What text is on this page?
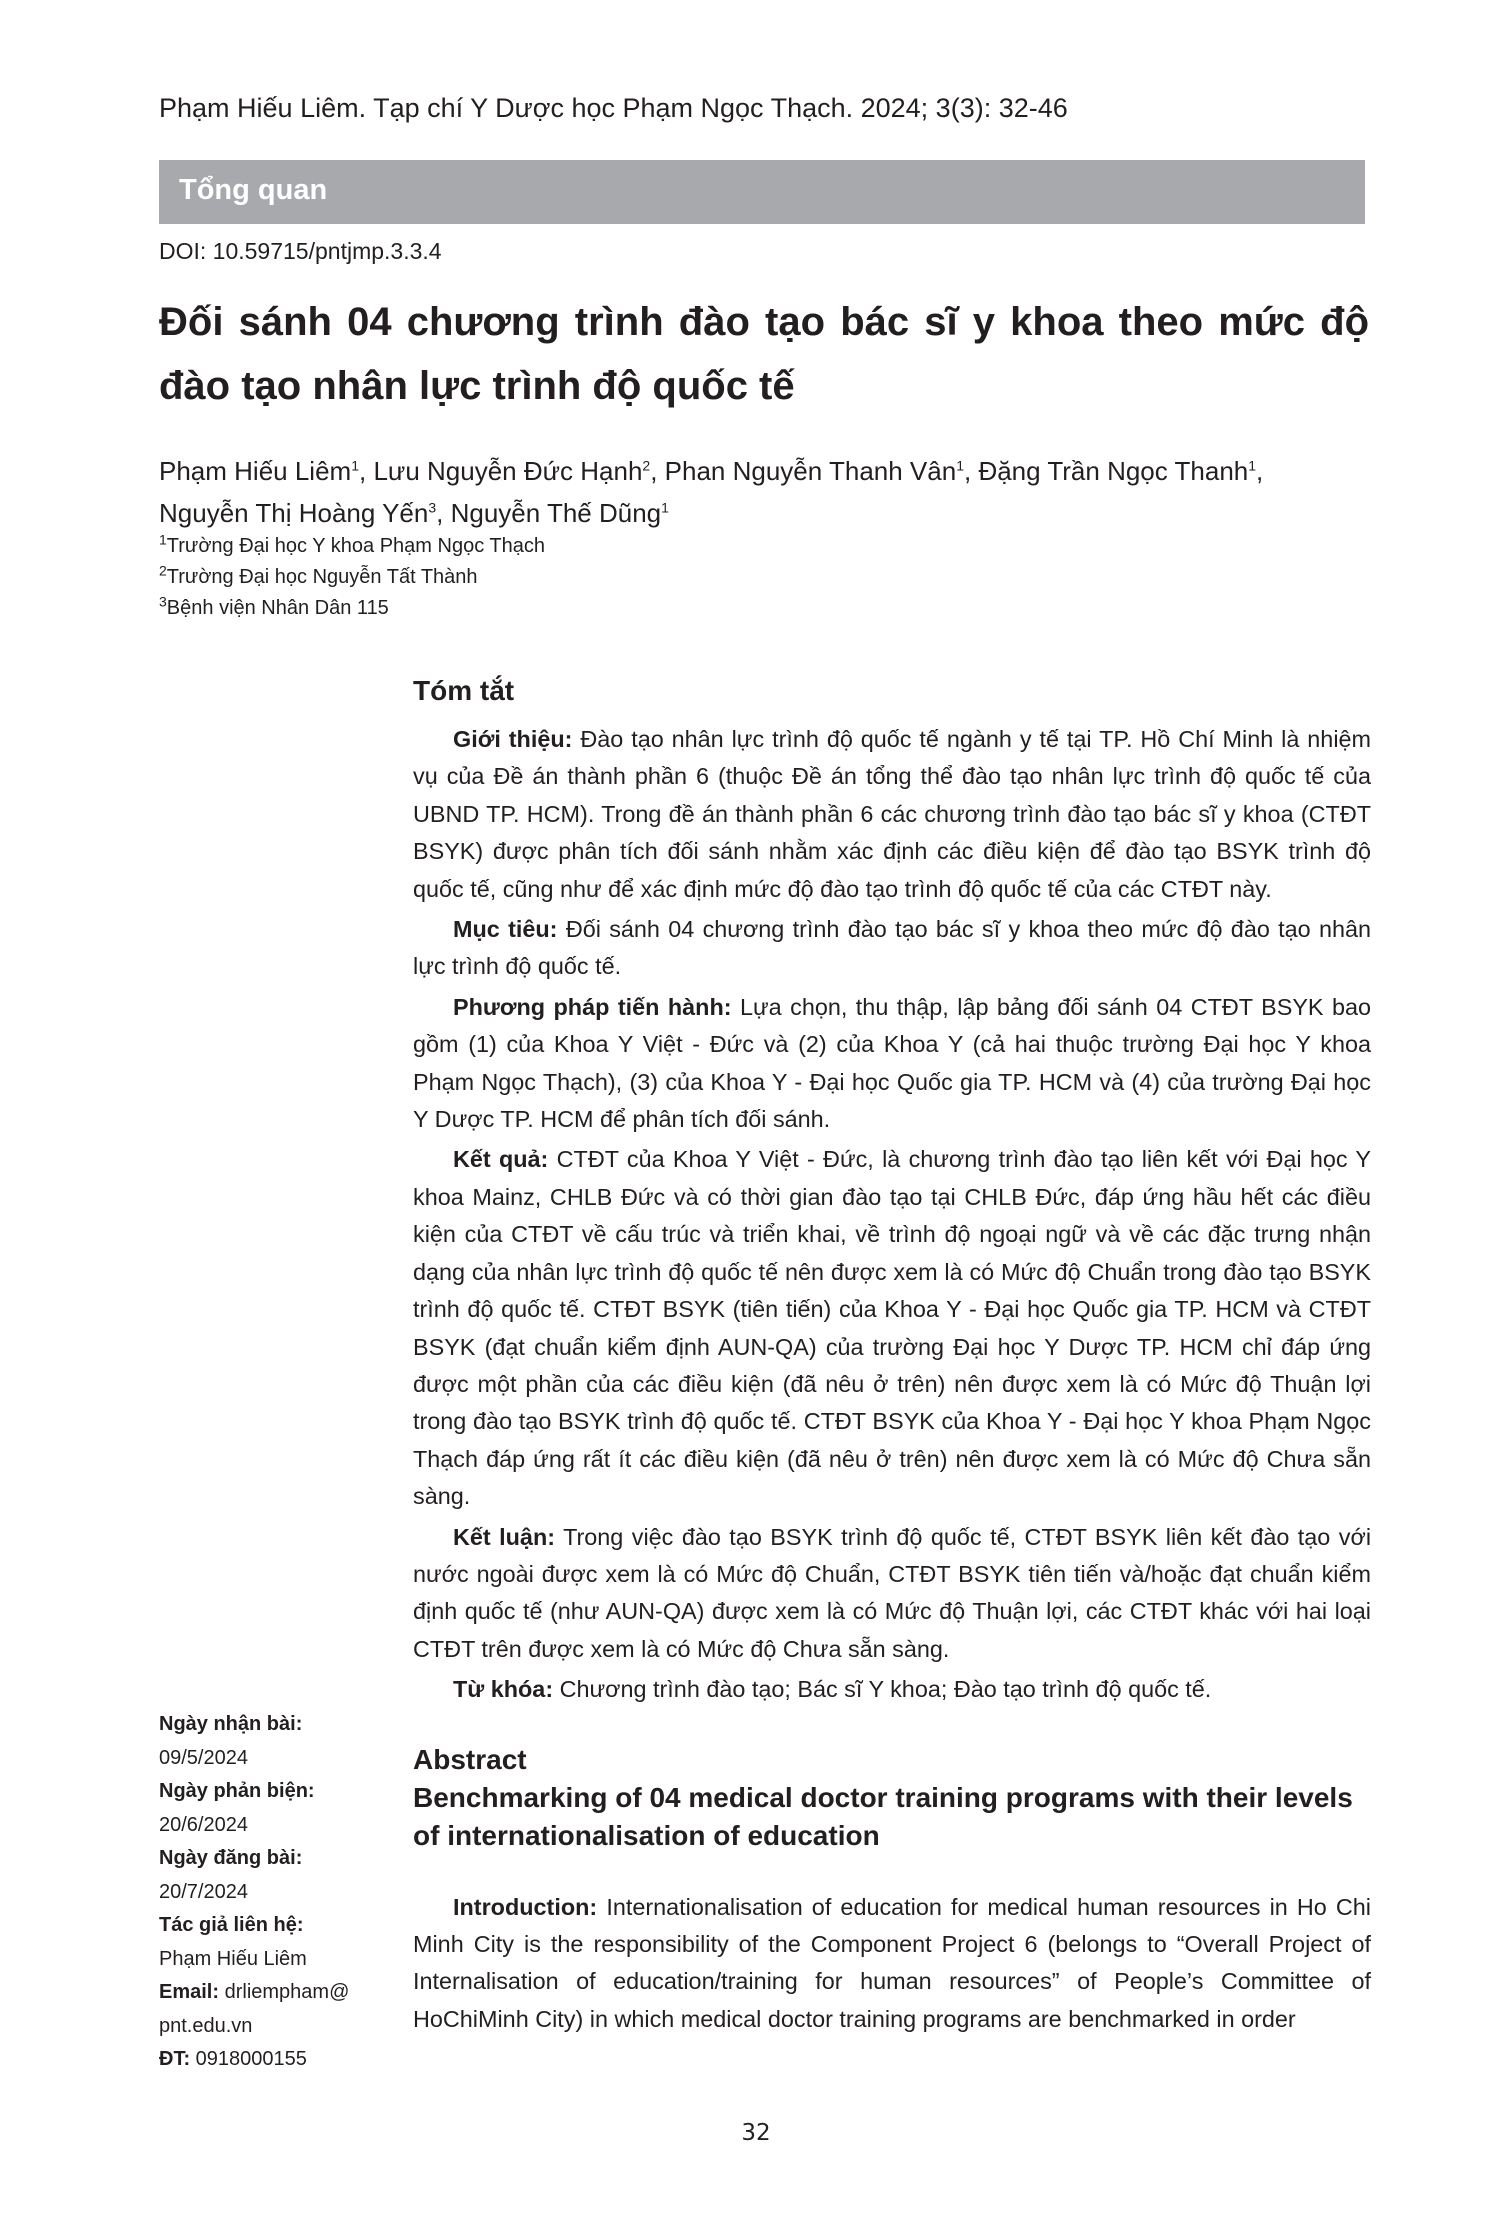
Phạm Hiếu Liêm. Tạp chí Y Dược học Phạm Ngọc Thạch. 2024; 3(3): 32-46
Tổng quan
DOI: 10.59715/pntjmp.3.3.4
Đối sánh 04 chương trình đào tạo bác sĩ y khoa theo mức độ đào tạo nhân lực trình độ quốc tế
Phạm Hiếu Liêm$^1$, Lưu Nguyễn Đức Hạnh$^2$, Phan Nguyễn Thanh Vân$^1$, Đặng Trần Ngọc Thanh$^1$,
Nguyễn Thị Hoàng Yến$^3$, Nguyễn Thế Dũng$^1$
$^1$Trường Đại học Y khoa Phạm Ngọc Thạch
$^2$Trường Đại học Nguyễn Tất Thành
$^3$Bệnh viện Nhân Dân 115
Tóm tắt

Giới thiệu: Đào tạo nhân lực trình độ quốc tế ngành y tế tại TP. Hồ Chí Minh là nhiệm vụ của Đề án thành phần 6 (thuộc Đề án tổng thể đào tạo nhân lực trình độ quốc tế của UBND TP. HCM). Trong đề án thành phần 6 các chương trình đào tạo bác sĩ y khoa (CTĐT BSYK) được phân tích đối sánh nhằm xác định các điều kiện để đào tạo BSYK trình độ quốc tế, cũng như để xác định mức độ đào tạo trình độ quốc tế của các CTĐT này.

Mục tiêu: Đối sánh 04 chương trình đào tạo bác sĩ y khoa theo mức độ đào tạo nhân lực trình độ quốc tế.

Phương pháp tiến hành: Lựa chọn, thu thập, lập bảng đối sánh 04 CTĐT BSYK bao gồm (1) của Khoa Y Việt - Đức và (2) của Khoa Y (cả hai thuộc trường Đại học Y khoa Phạm Ngọc Thạch), (3) của Khoa Y - Đại học Quốc gia TP. HCM và (4) của trường Đại học Y Dược TP. HCM để phân tích đối sánh.

Kết quả: CTĐT của Khoa Y Việt - Đức, là chương trình đào tạo liên kết với Đại học Y khoa Mainz, CHLB Đức và có thời gian đào tạo tại CHLB Đức, đáp ứng hầu hết các điều kiện của CTĐT về cấu trúc và triển khai, về trình độ ngoại ngữ và về các đặc trưng nhận dạng của nhân lực trình độ quốc tế nên được xem là có Mức độ Chuẩn trong đào tạo BSYK trình độ quốc tế. CTĐT BSYK (tiên tiến) của Khoa Y - Đại học Quốc gia TP. HCM và CTĐT BSYK (đạt chuẩn kiểm định AUN-QA) của trường Đại học Y Dược TP. HCM chỉ đáp ứng được một phần của các điều kiện (đã nêu ở trên) nên được xem là có Mức độ Thuận lợi trong đào tạo BSYK trình độ quốc tế. CTĐT BSYK của Khoa Y - Đại học Y khoa Phạm Ngọc Thạch đáp ứng rất ít các điều kiện (đã nêu ở trên) nên được xem là có Mức độ Chưa sẵn sàng.

Kết luận: Trong việc đào tạo BSYK trình độ quốc tế, CTĐT BSYK liên kết đào tạo với nước ngoài được xem là có Mức độ Chuẩn, CTĐT BSYK tiên tiến và/hoặc đạt chuẩn kiểm định quốc tế (như AUN-QA) được xem là có Mức độ Thuận lợi, các CTĐT khác với hai loại CTĐT trên được xem là có Mức độ Chưa sẵn sàng.

Từ khóa: Chương trình đào tạo; Bác sĩ Y khoa; Đào tạo trình độ quốc tế.

Abstract
Benchmarking of 04 medical doctor training programs with their levels of internationalisation of education

Introduction: Internationalisation of education for medical human resources in Ho Chi Minh City is the responsibility of the Component Project 6 (belongs to “Overall Project of Internalisation of education/training for human resources” of People’s Committee of HoChiMinh City) in which medical doctor training programs are benchmarked in order

Ngày nhận bài:
09/5/2024
Ngày phản biện:
20/6/2024
Ngày đăng bài:
20/7/2024
Tác giả liên hệ:
Phạm Hiếu Liêm
Email: drliempham@
pnt.edu.vn
ĐT: 0918000155
32
